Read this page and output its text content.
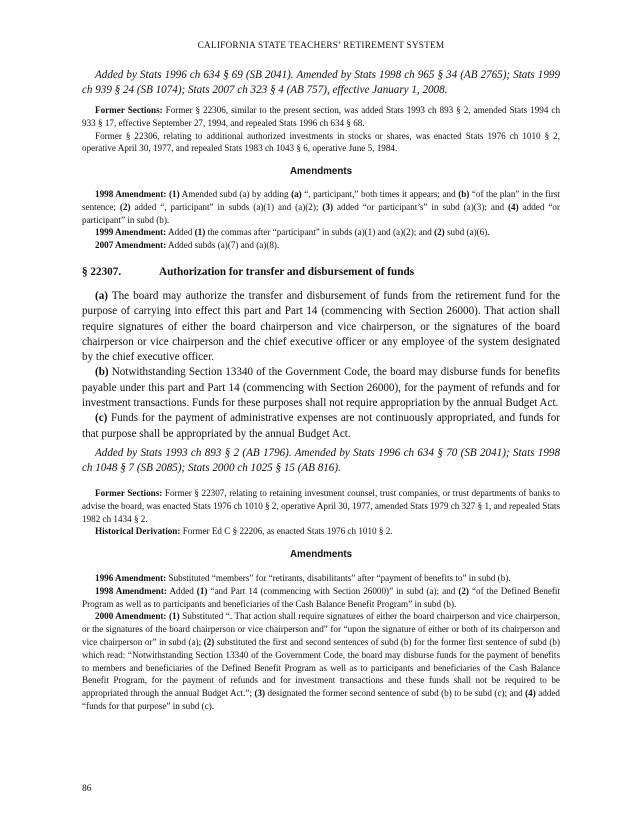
CALIFORNIA STATE TEACHERS’ RETIREMENT SYSTEM

Added by Stats 1996 ch 634 § 69 (SB 2041). Amended by Stats 1998 ch 965 § 34 (AB 2765); Stats 1999 ch 939 § 24 (SB 1074); Stats 2007 ch 323 § 4 (AB 757), effective January 1, 2008.

Former Sections: Former § 22306, similar to the present section, was added Stats 1993 ch 893 § 2, amended Stats 1994 ch 933 § 17, effective September 27, 1994, and repealed Stats 1996 ch 634 § 68.

Former § 22306, relating to additional authorized investments in stocks or shares, was enacted Stats 1976 ch 1010 § 2, operative April 30, 1977, and repealed Stats 1983 ch 1043 § 6, operative June 5, 1984.

Amendments

1998 Amendment: (1) Amended subd (a) by adding (a) “, participant,” both times it appears; and (b) “of the plan” in the first sentence; (2) added “, participant” in subds (a)(1) and (a)(2); (3) added “or participant’s” in subd (a)(3); and (4) added “or participant” in subd (b).

1999 Amendment: Added (1) the commas after “participant” in subds (a)(1) and (a)(2); and (2) subd (a)(6).

2007 Amendment: Added subds (a)(7) and (a)(8).

§ 22307.	Authorization for transfer and disbursement of funds

(a) The board may authorize the transfer and disbursement of funds from the retirement fund for the purpose of carrying into effect this part and Part 14 (commencing with Section 26000). That action shall require signatures of either the board chairperson and vice chairperson, or the signatures of the board chairperson or vice chairperson and the chief executive officer or any employee of the system designated by the chief executive officer.

(b) Notwithstanding Section 13340 of the Government Code, the board may disburse funds for benefits payable under this part and Part 14 (commencing with Section 26000), for the payment of refunds and for investment transactions. Funds for these purposes shall not require appropriation by the annual Budget Act.

(c) Funds for the payment of administrative expenses are not continuously appropriated, and funds for that purpose shall be appropriated by the annual Budget Act.

Added by Stats 1993 ch 893 § 2 (AB 1796). Amended by Stats 1996 ch 634 § 70 (SB 2041); Stats 1998 ch 1048 § 7 (SB 2085); Stats 2000 ch 1025 § 15 (AB 816).

Former Sections: Former § 22307, relating to retaining investment counsel, trust companies, or trust departments of banks to advise the board, was enacted Stats 1976 ch 1010 § 2, operative April 30, 1977, amended Stats 1979 ch 327 § 1, and repealed Stats 1982 ch 1434 § 2.

Historical Derivation: Former Ed C § 22206, as enacted Stats 1976 ch 1010 § 2.

Amendments

1996 Amendment: Substituted “members” for “retirants, disabilitants” after “payment of benefits to” in subd (b).

1998 Amendment: Added (1) “and Part 14 (commencing with Section 26000)” in subd (a); and (2) “of the Defined Benefit Program as well as to participants and beneficiaries of the Cash Balance Benefit Program” in subd (b).

2000 Amendment: (1) Substituted “. That action shall require signatures of either the board chairperson and vice chairperson, or the signatures of the board chairperson or vice chairperson and” for “upon the signature of either or both of its chairperson and vice chairperson or” in subd (a); (2) substituted the first and second sentences of subd (b) for the former first sentence of subd (b) which read: “Notwithstanding Section 13340 of the Government Code, the board may disburse funds for the payment of benefits to members and beneficiaries of the Defined Benefit Program as well as to participants and beneficiaries of the Cash Balance Benefit Program, for the payment of refunds and for investment transactions and these funds shall not be required to be appropriated through the annual Budget Act.”; (3) designated the former second sentence of subd (b) to be subd (c); and (4) added “funds for that purpose” in subd (c).

86
